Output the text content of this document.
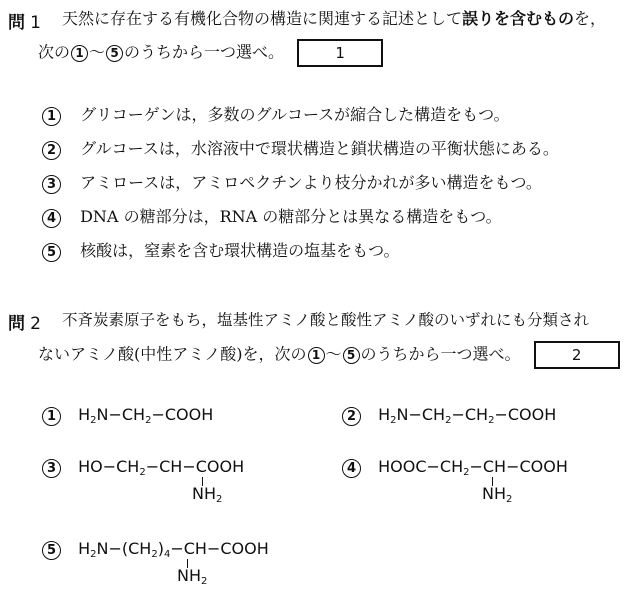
問 1 天然に存在する有機化合物の構造に関連する記述として誤りを含むものを，
次の 1 ～ 5 のうちから一つ選べ。	1
1 グリコーゲンは，多数のグルコースが縮合した構造をもつ。
2 グルコースは，水溶液中で環状構造と鎖状構造の平衡状態にある。
3 アミロースは，アミロペクチンより枝分かれが多い構造をもつ。
4 DNA の糖部分は，RNA の糖部分とは異なる構造をもつ。
5 核酸は，窒素を含む環状構造の塩基をもつ。
問 2 不斉炭素原子をもち，塩基性アミノ酸と酸性アミノ酸のいずれにも分類され
ないアミノ酸(中性アミノ酸)を，次の 1 ～ 5 のうちから一つ選べ。	2
1 $H_2N-CH_2-COOH$	2 $H_2N-CH_2-CH_2-COOH$
3 $HO-CH_2-CH-COOH$
$NH_2$
4 $HOOC-CH_2-CH-COOH$
$NH_2$
5 $H_2N-(CH_2)_4-CH-COOH$
$NH_2$
